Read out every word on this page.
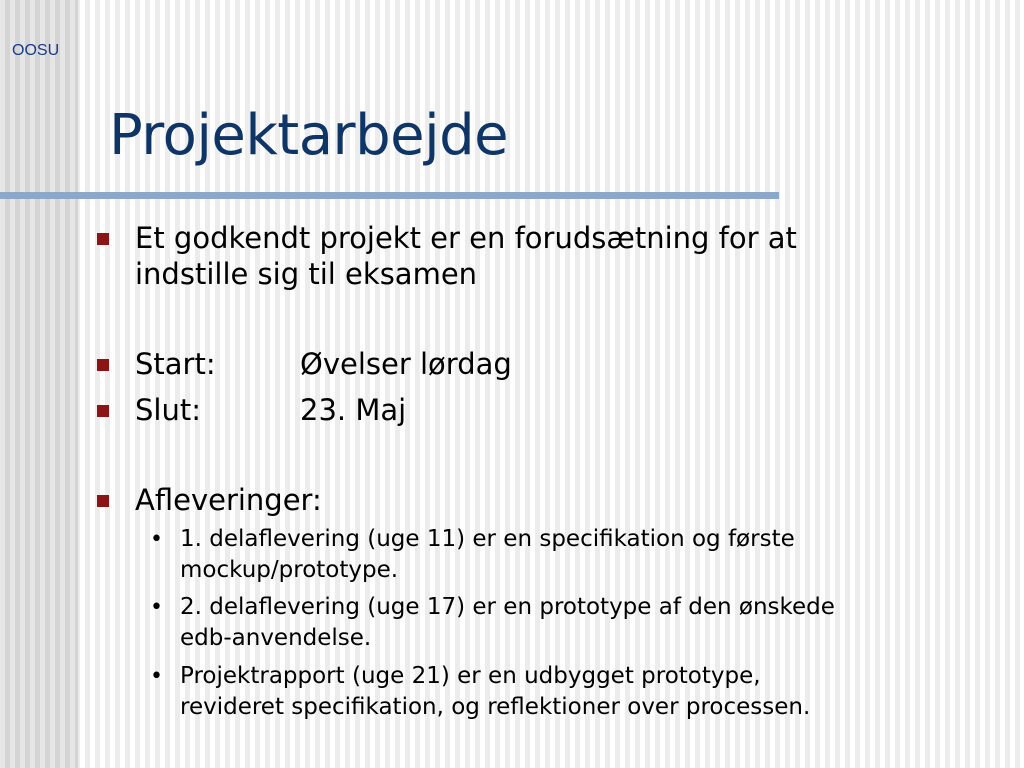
OOSU
Projektarbejde

Et godkendt projekt er en forudsætning for at

indstille sig til eksamen

Start:	Øvelser lørdag

Slut:	23. Maj

Afleveringer:

• 1. delaflevering (uge 11) er en specifikation og første

mockup/prototype.

• 2. delaflevering (uge 17) er en prototype af den ønskede

edb-anvendelse.

• Projektrapport (uge 21) er en udbygget prototype,

revideret specifikation, og reflektioner over processen.
